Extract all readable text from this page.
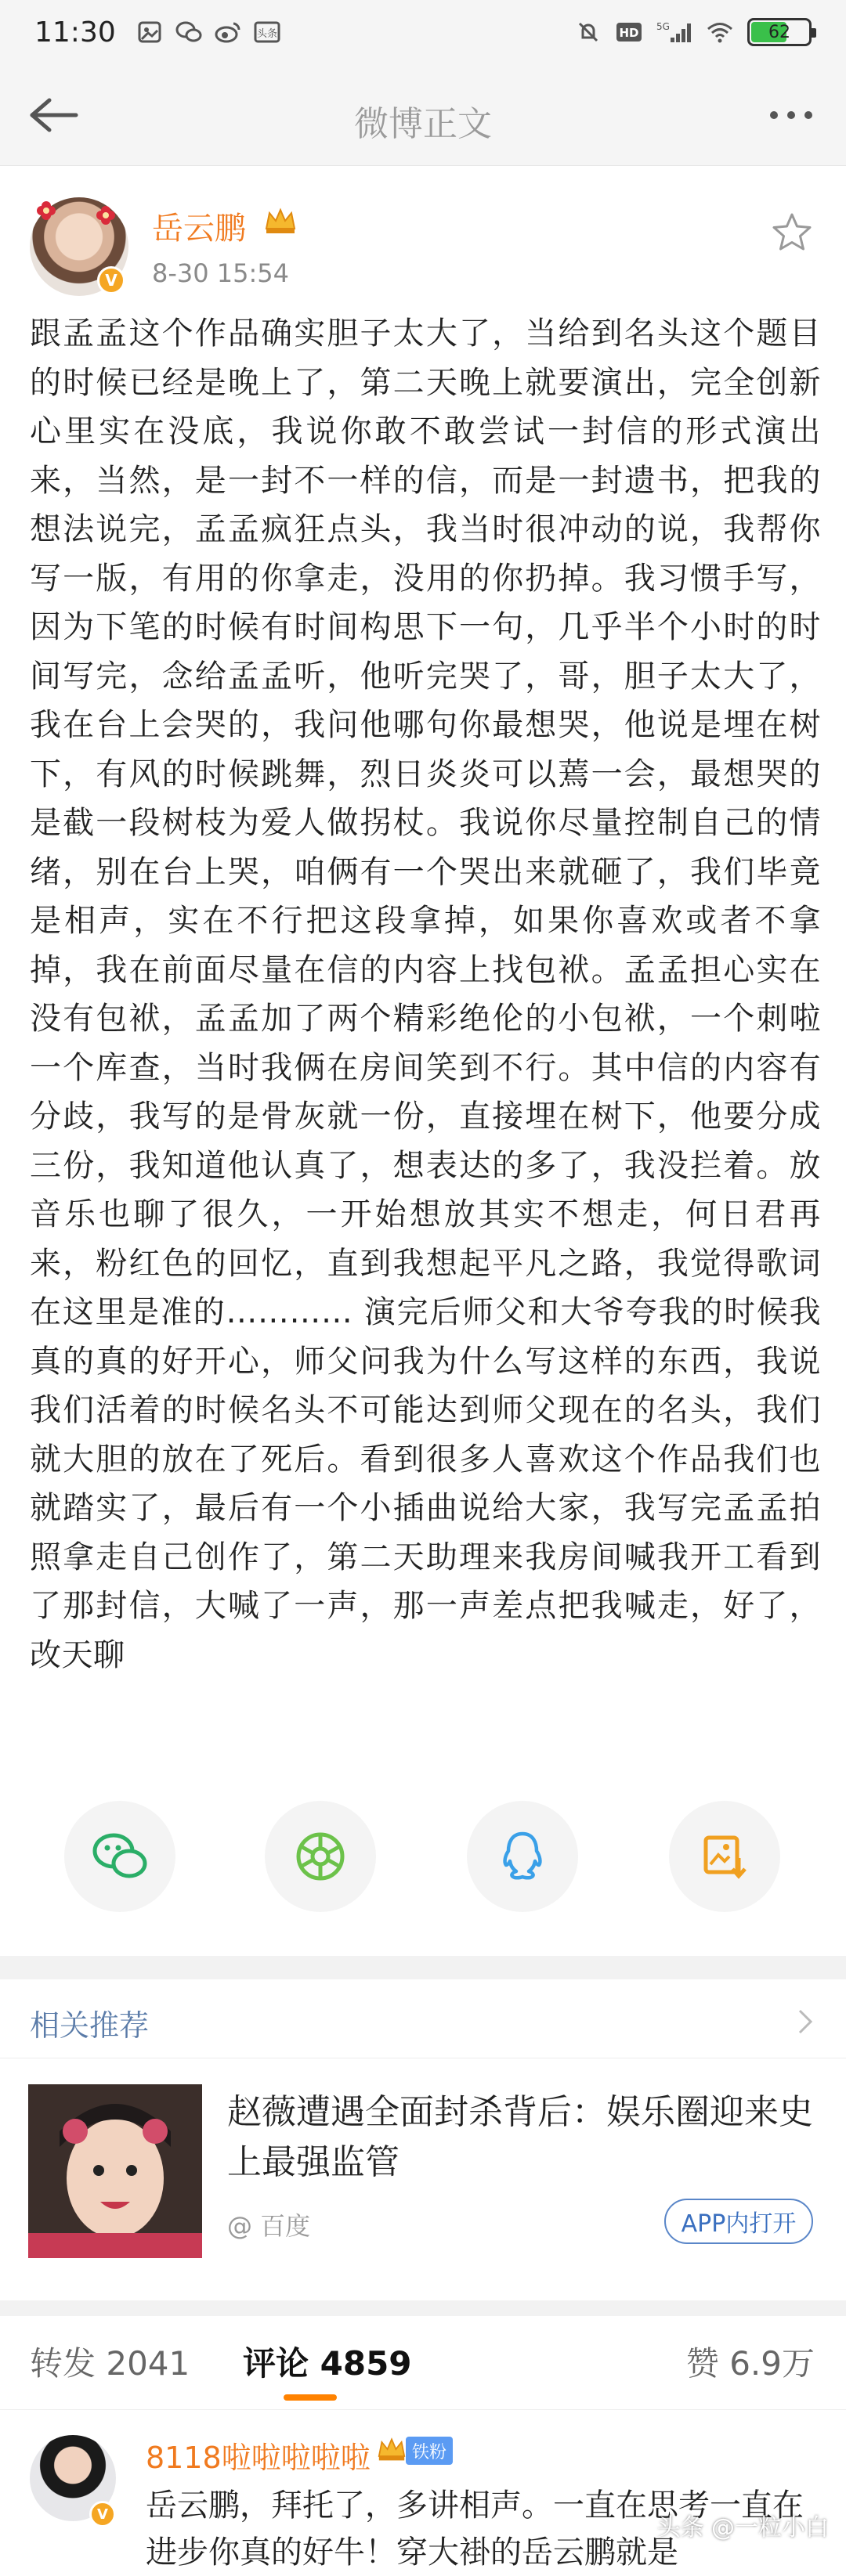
11:30	头条	HD 5G	62
微博正文
V
岳云鹏
8-30 15:54
跟孟孟这个作品确实胆子太大了，当给到名头这个题目的时候已经是晚上了，第二天晚上就要演出，完全创新心里实在没底，我说你敢不敢尝试一封信的形式演出来，当然，是一封不一样的信，而是一封遗书，把我的想法说完，孟孟疯狂点头，我当时很冲动的说，我帮你写一版，有用的你拿走，没用的你扔掉。我习惯手写，因为下笔的时候有时间构思下一句，几乎半个小时的时间写完，念给孟孟听，他听完哭了，哥，胆子太大了，我在台上会哭的，我问他哪句你最想哭，他说是埋在树下，有风的时候跳舞，烈日炎炎可以蔫一会，最想哭的是截一段树枝为爱人做拐杖。我说你尽量控制自己的情绪，别在台上哭，咱俩有一个哭出来就砸了，我们毕竟是相声，实在不行把这段拿掉，如果你喜欢或者不拿掉，我在前面尽量在信的内容上找包袱。孟孟担心实在没有包袱，孟孟加了两个精彩绝伦的小包袱，一个刺啦一个库查，当时我俩在房间笑到不行。其中信的内容有分歧，我写的是骨灰就一份，直接埋在树下，他要分成三份，我知道他认真了，想表达的多了，我没拦着。放音乐也聊了很久，一开始想放其实不想走，何日君再来，粉红色的回忆，直到我想起平凡之路，我觉得歌词在这里是准的………… 演完后师父和大爷夸我的时候我真的真的好开心，师父问我为什么写这样的东西，我说我们活着的时候名头不可能达到师父现在的名头，我们就大胆的放在了死后。看到很多人喜欢这个作品我们也就踏实了，最后有一个小插曲说给大家，我写完孟孟拍照拿走自己创作了，第二天助理来我房间喊我开工看到了那封信，大喊了一声，那一声差点把我喊走，好了，改天聊
相关推荐
赵薇遭遇全面封杀背后：娱乐圈迎来史上最强监管
@ 百度	APP内打开
转发 2041 评论 4859	赞 6.9万
V
8118啦啦啦啦啦	铁粉
岳云鹏，拜托了，多讲相声。一直在思考一直在进步你真的好牛！穿大褂的岳云鹏就是
头条 @一粒小白
